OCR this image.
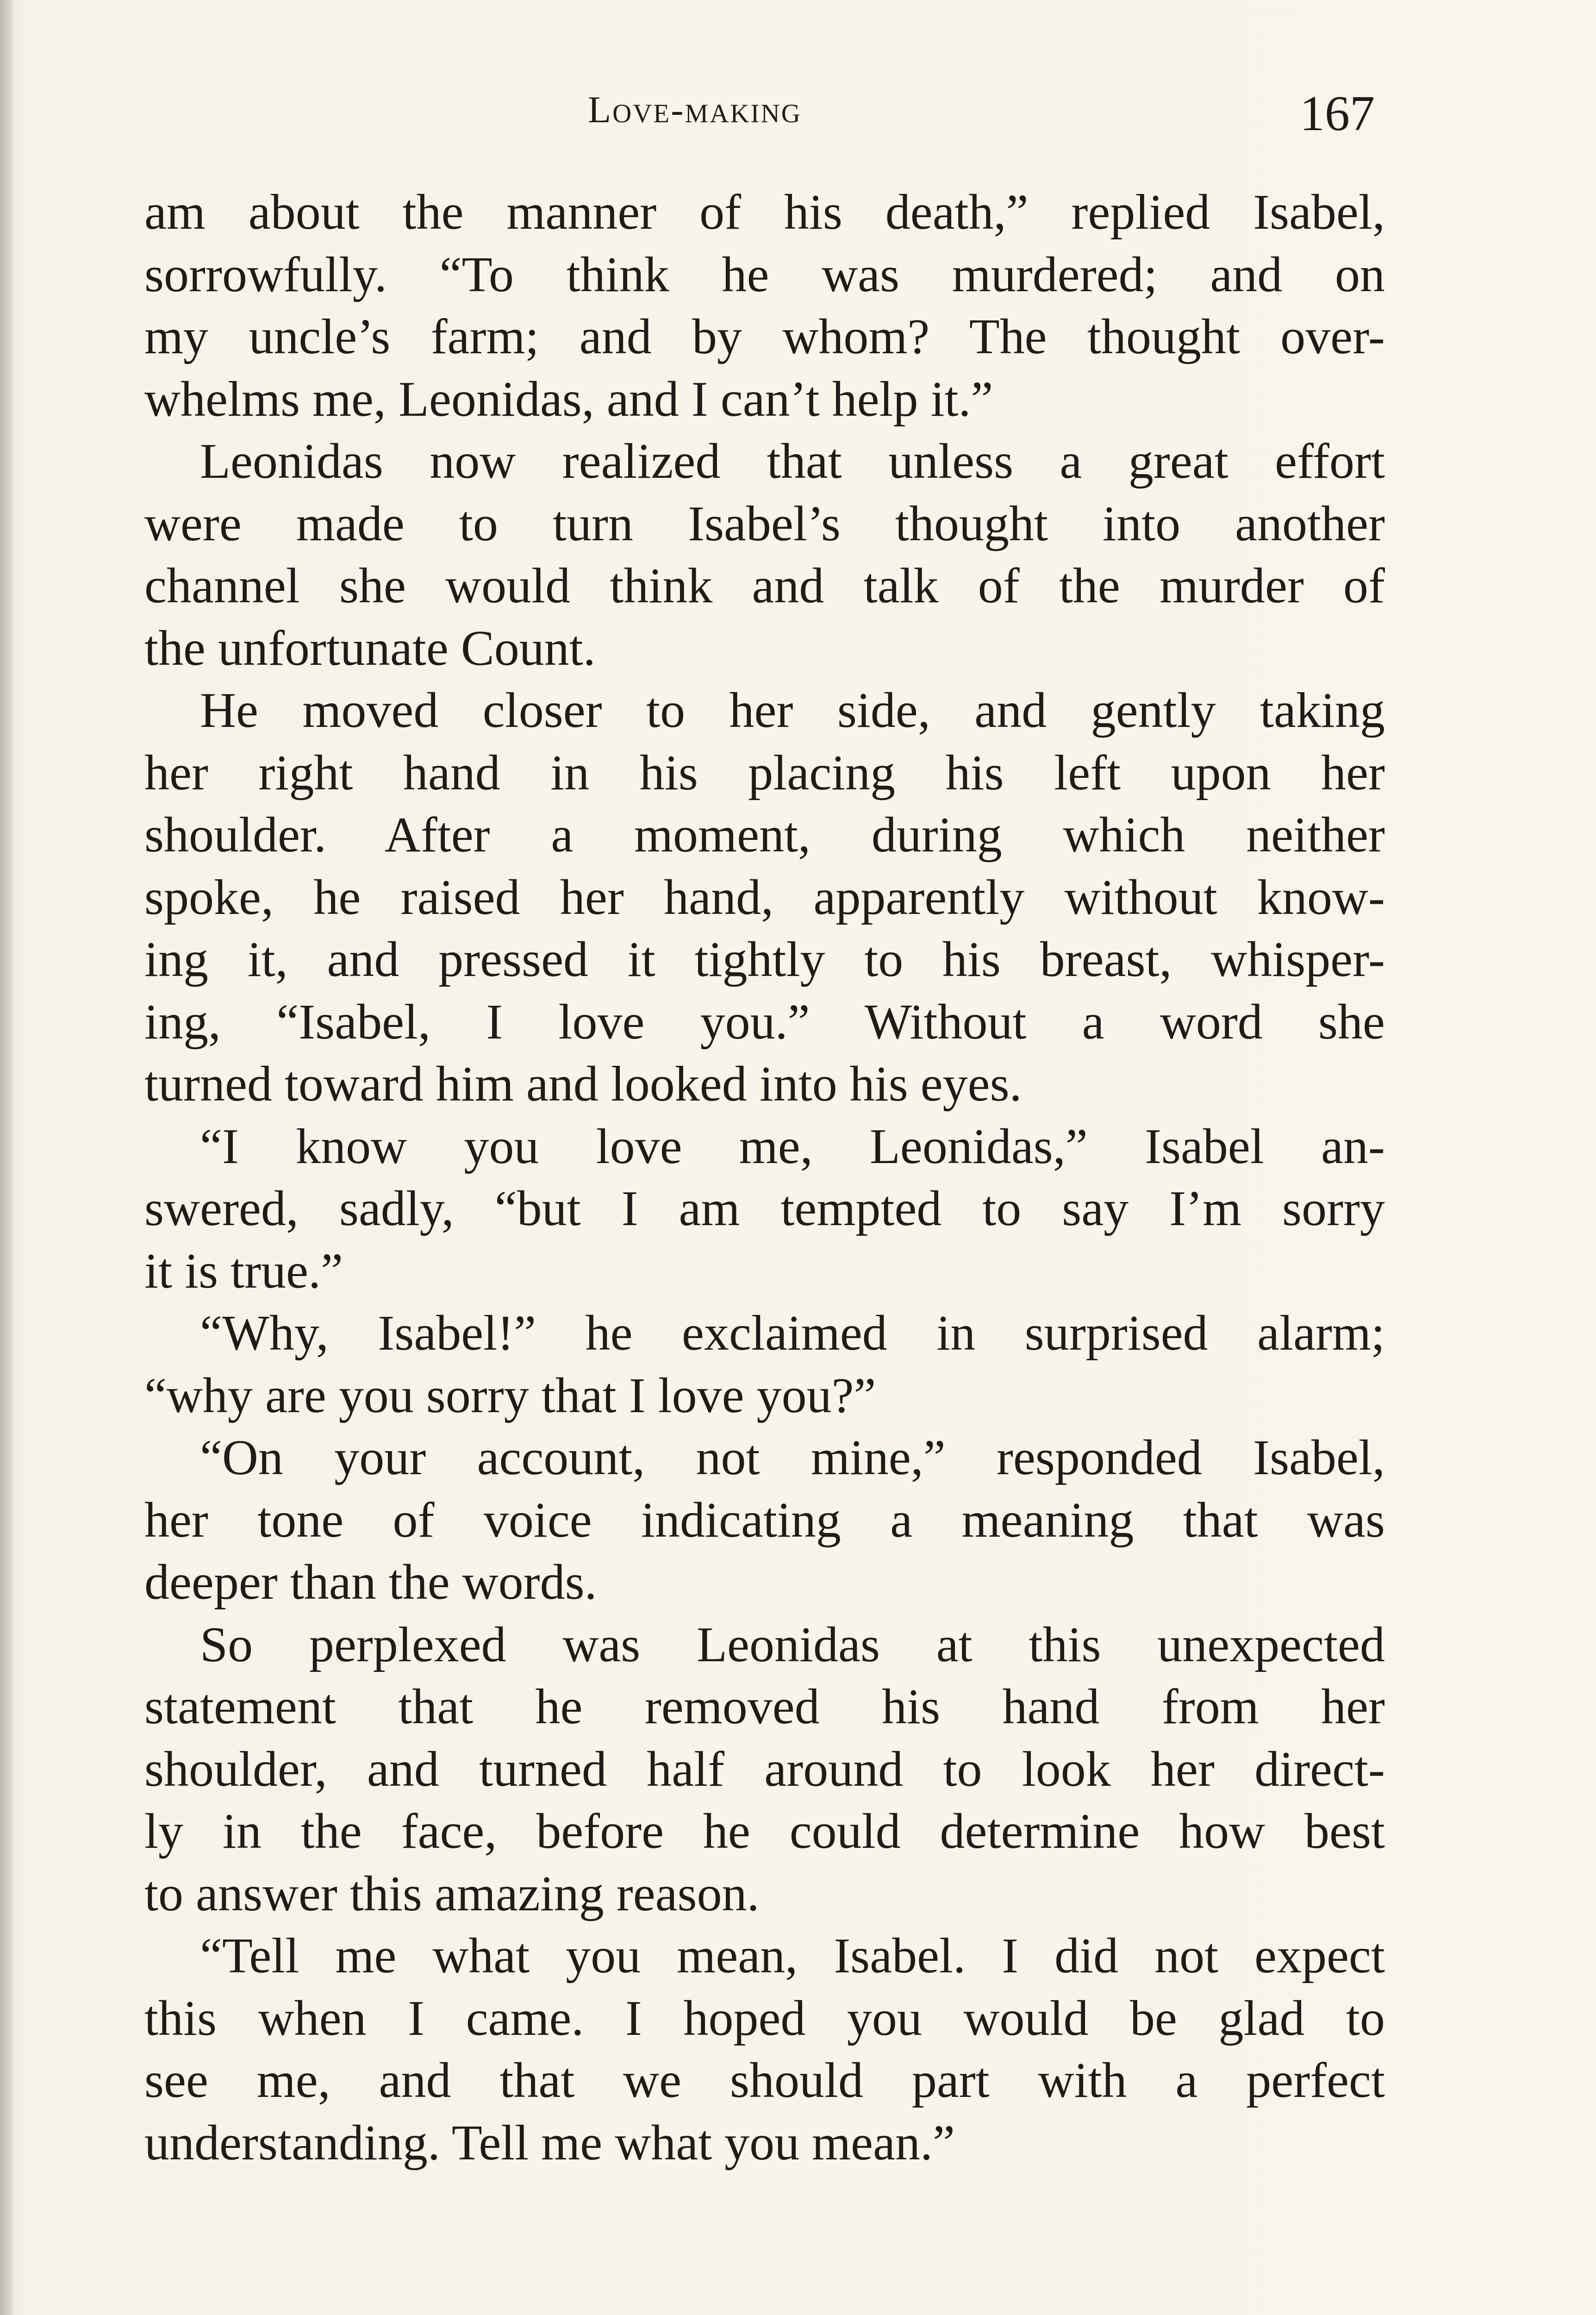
Love-making	167

am about the manner of his death,” replied Isabel,
sorrowfully. “To think he was murdered; and on
my uncle’s farm; and by whom? The thought over-
whelms me, Leonidas, and I can’t help it.”

Leonidas now realized that unless a great effort
were made to turn Isabel’s thought into another
channel she would think and talk of the murder of
the unfortunate Count.

He moved closer to her side, and gently taking
her right hand in his placing his left upon her
shoulder. After a moment, during which neither
spoke, he raised her hand, apparently without know-
ing it, and pressed it tightly to his breast, whisper-
ing, “Isabel, I love you.” Without a word she
turned toward him and looked into his eyes.

“I know you love me, Leonidas,” Isabel an-
swered, sadly, “but I am tempted to say I’m sorry
it is true.”

“Why, Isabel!” he exclaimed in surprised alarm;
“why are you sorry that I love you?”

“On your account, not mine,” responded Isabel,
her tone of voice indicating a meaning that was
deeper than the words.

So perplexed was Leonidas at this unexpected
statement that he removed his hand from her
shoulder, and turned half around to look her direct-
ly in the face, before he could determine how best
to answer this amazing reason.

“Tell me what you mean, Isabel. I did not expect
this when I came. I hoped you would be glad to
see me, and that we should part with a perfect
understanding. Tell me what you mean.”
